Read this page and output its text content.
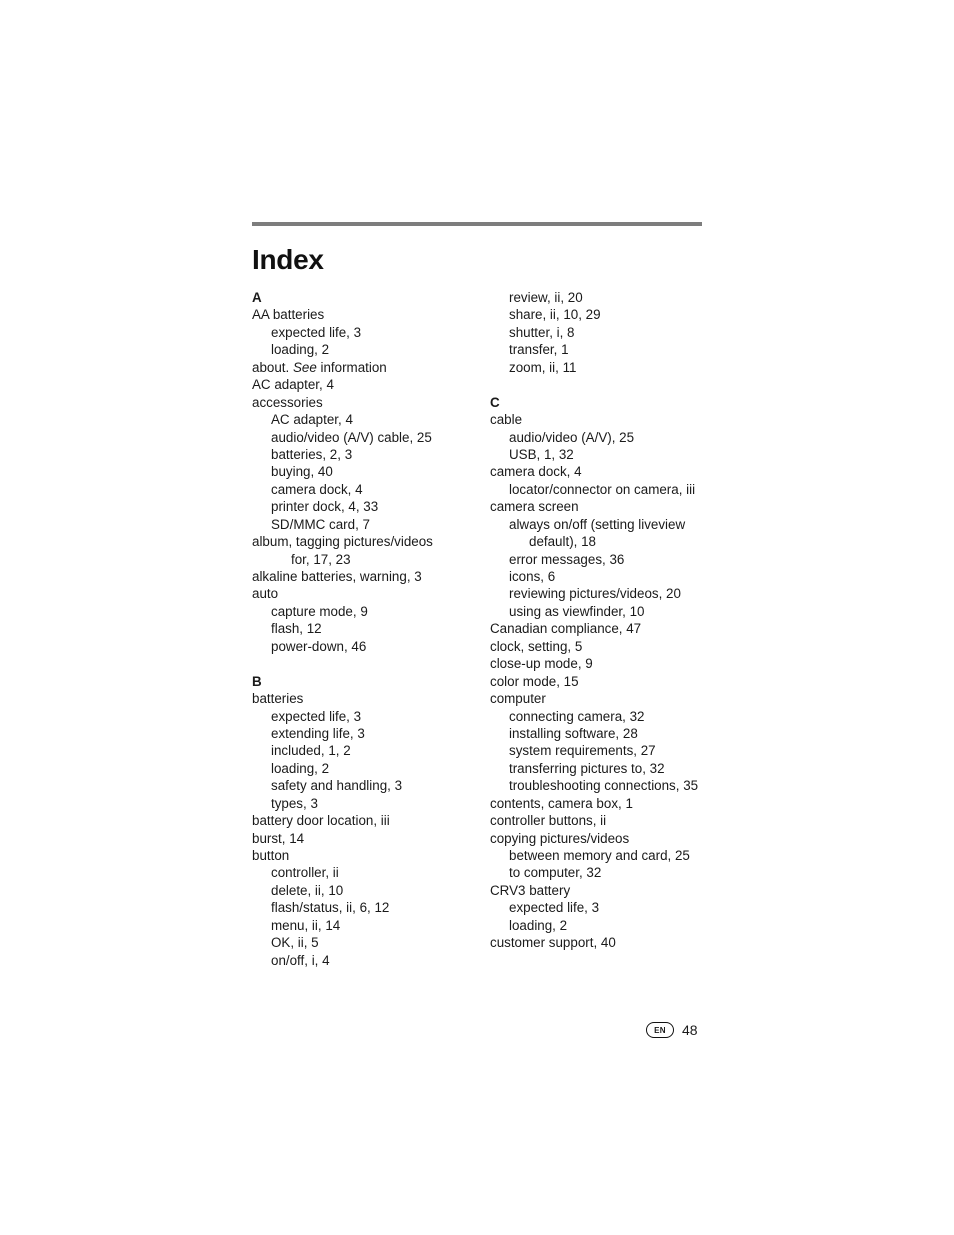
Index
A
AA batteries
expected life, 3
loading, 2
about. See information
AC adapter, 4
accessories
AC adapter, 4
audio/video (A/V) cable, 25
batteries, 2, 3
buying, 40
camera dock, 4
printer dock, 4, 33
SD/MMC card, 7
album, tagging pictures/videos
for, 17, 23
alkaline batteries, warning, 3
auto
capture mode, 9
flash, 12
power-down, 46
B
batteries
expected life, 3
extending life, 3
included, 1, 2
loading, 2
safety and handling, 3
types, 3
battery door location, iii
burst, 14
button
controller, ii
delete, ii, 10
flash/status, ii, 6, 12
menu, ii, 14
OK, ii, 5
on/off, i, 4
review, ii, 20
share, ii, 10, 29
shutter, i, 8
transfer, 1
zoom, ii, 11
C
cable
audio/video (A/V), 25
USB, 1, 32
camera dock, 4
locator/connector on camera, iii
camera screen
always on/off (setting liveview
default), 18
error messages, 36
icons, 6
reviewing pictures/videos, 20
using as viewfinder, 10
Canadian compliance, 47
clock, setting, 5
close-up mode, 9
color mode, 15
computer
connecting camera, 32
installing software, 28
system requirements, 27
transferring pictures to, 32
troubleshooting connections, 35
contents, camera box, 1
controller buttons, ii
copying pictures/videos
between memory and card, 25
to computer, 32
CRV3 battery
expected life, 3
loading, 2
customer support, 40
EN	48
